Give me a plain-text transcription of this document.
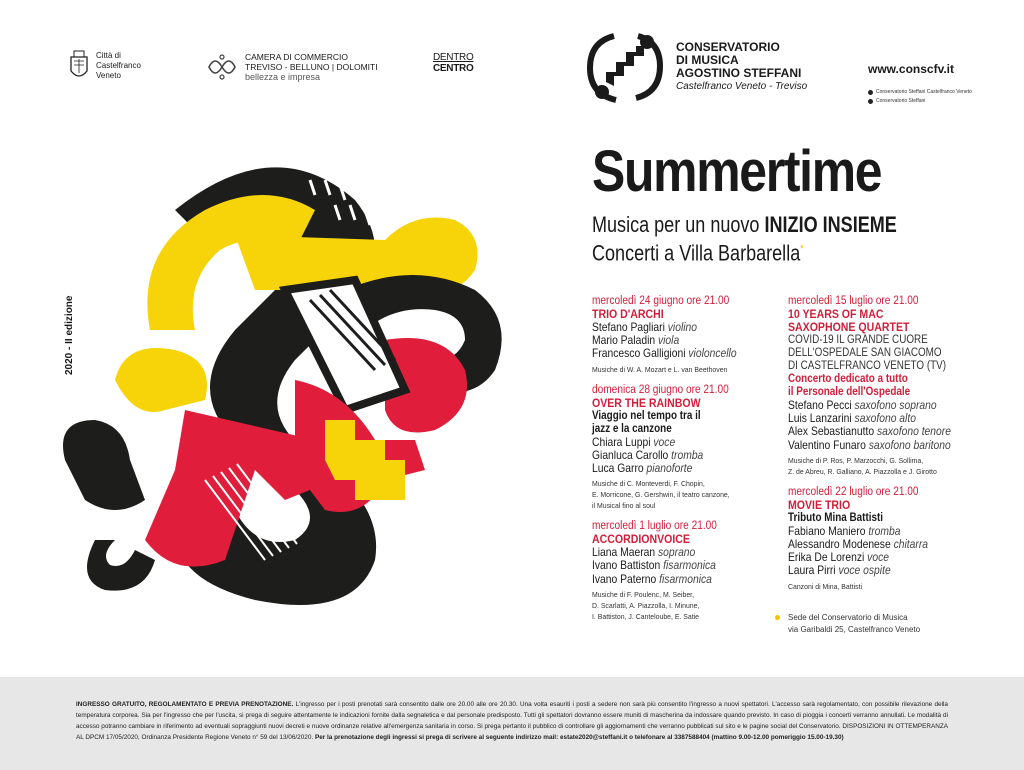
Città di
Castelfranco
Veneto
CAMERA DI COMMERCIO
TREVISO - BELLUNO | DOLOMITI
bellezza e impresa
DENTRO
CENTRO
CONSERVATORIO
DI MUSICA
AGOSTINO STEFFANI
Castelfranco Veneto - Treviso
www.conscfv.it
Conservatorio Steffani Castelfranco Veneto
Conservatorio Steffani
2020 - II edizione
Summertime
Musica per un nuovo INIZIO INSIEME
Concerti a Villa Barbarella*
mercoledì 24 giugno ore 21.00
TRIO D'ARCHI
Stefano Pagliari violino
Mario Paladin viola
Francesco Galligioni violoncello
Musiche di W. A. Mozart e L. van Beethoven
domenica 28 giugno ore 21.00
OVER THE RAINBOW
Viaggio nel tempo tra il
jazz e la canzone
Chiara Luppi voce
Gianluca Carollo tromba
Luca Garro pianoforte
Musiche di C. Monteverdi, F. Chopin,
E. Morricone, G. Gershwin, il teatro canzone,
il Musical fino al soul
mercoledì 1 luglio ore 21.00
ACCORDIONVOICE
Liana Maeran soprano
Ivano Battiston fisarmonica
Ivano Paterno fisarmonica
Musiche di F. Poulenc, M. Seiber,
D. Scarlatti, A. Piazzolla, I. Minune,
I. Battiston, J. Canteloube, E. Satie
mercoledì 15 luglio ore 21.00
10 YEARS OF MAC
SAXOPHONE QUARTET
COVID-19 IL GRANDE CUORE
DELL'OSPEDALE SAN GIACOMO
DI CASTELFRANCO VENETO (TV)
Concerto dedicato a tutto
il Personale dell'Ospedale
Stefano Pecci saxofono soprano
Luis Lanzarini saxofono alto
Alex Sebastianutto saxofono tenore
Valentino Funaro saxofono baritono
Musiche di P. Ros, P. Marzocchi, G. Sollima,
Z. de Abreu, R. Galliano, A. Piazzolla e J. Girotto
mercoledì 22 luglio ore 21.00
MOVIE TRIO
Tributo Mina Battisti
Fabiano Maniero tromba
Alessandro Modenese chitarra
Erika De Lorenzi voce
Laura Pirri voce ospite
Canzoni di Mina, Battisti
Sede del Conservatorio di Musica
via Garibaldi 25, Castelfranco Veneto

INGRESSO GRATUITO, REGOLAMENTATO E PREVIA PRENOTAZIONE. L'ingresso per i posti prenotati sarà consentito dalle ore 20.00 alle ore 20.30. Una volta esauriti i posti a sedere non sarà più consentito l'ingresso a nuovi spettatori. L'accesso sarà regolamentato, con possibile rilevazione della temperatura corporea. Sia per l'ingresso che per l'uscita, si prega di seguire attentamente le indicazioni fornite dalla segnaletica e dal personale predisposto. Tutti gli spettatori dovranno essere muniti di mascherina da indossare quando previsto. In caso di pioggia i concerti verranno annullati. Le modalità di accesso potranno cambiare in riferimento ad eventuali sopraggiunti nuovi decreti e nuove ordinanze relative all'emergenza sanitaria in corso. Si prega pertanto il pubblico di controllare gli aggiornamenti che verranno pubblicati sul sito e le pagine social del Conservatorio. DISPOSIZIONI IN OTTEMPERANZA AL DPCM 17/05/2020, Ordinanza Presidente Regione Veneto n° 59 del 13/06/2020. Per la prenotazione degli ingressi si prega di scrivere al seguente indirizzo mail: estate2020@steffani.it o telefonare al 3387588404 (mattino 9.00-12.00 pomeriggio 15.00-19.30)
